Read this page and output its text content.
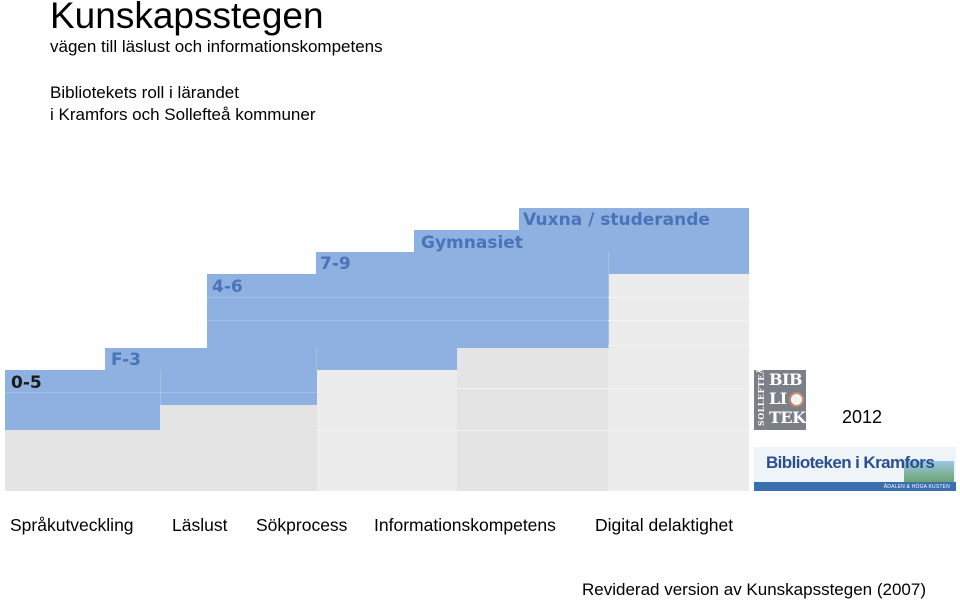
Kunskapsstegen
vägen till läslust och informationskompetens
Bibliotekets roll i lärandet
i Kramfors och Sollefteå kommuner
0-5
F-3
4-6
7-9
Gymnasiet
Vuxna / studerande
Språkutveckling Läslust Sökprocess Informationskompetens Digital delaktighet
SOLLEFTEÅ BIB
LI
TEK 2012
Biblioteken i Kramfors
ÅDALEN & HÖGA KUSTEN
Reviderad version av Kunskapsstegen (2007)
